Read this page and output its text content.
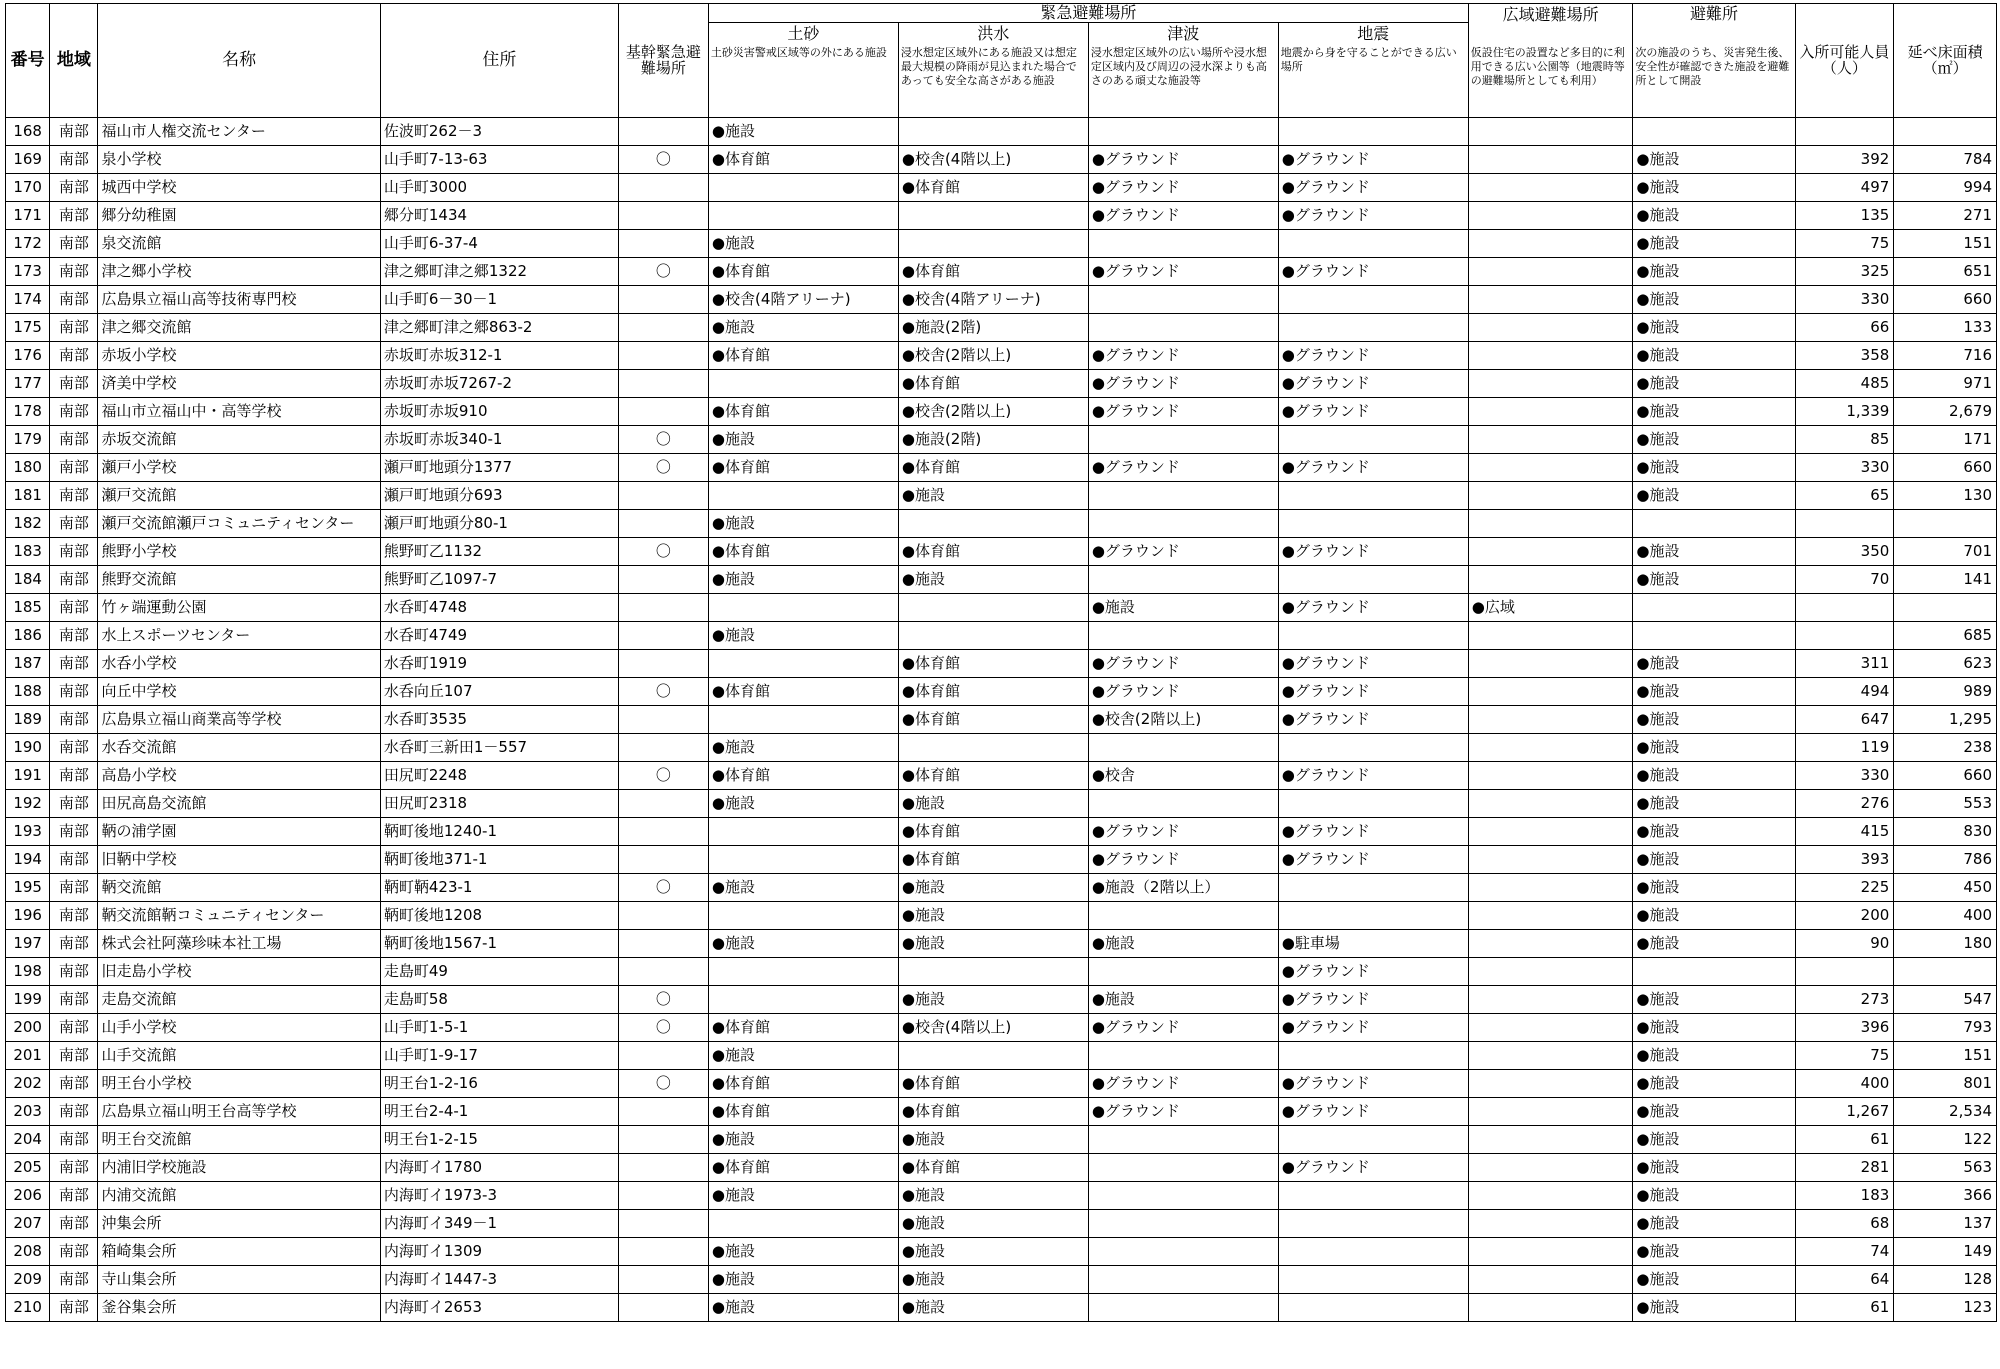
番号	地域	名称	住所	基幹緊急避難場所	緊急避難場所				広域避難場所	避難所	入所可能人員（人）	延べ床面積（㎡）
					土砂	洪水	津波	地震				
					土砂災害警戒区域等の外にある施設	浸水想定区域外にある施設又は想定最大規模の降雨が見込まれた場合であっても安全な高さがある施設	浸水想定区域外の広い場所や浸水想定区域内及び周辺の浸水深よりも高さのある頑丈な施設等	地震から身を守ることができる広い場所	仮設住宅の設置など多目的に利用できる広い公園等（地震時等の避難場所としても利用）	次の施設のうち、災害発生後、安全性が確認できた施設を避難所として開設		
168	南部	福山市人権交流センター	佐波町262－3		●施設							
169	南部	泉小学校	山手町7-13-63	〇	●体育館	●校舎(4階以上)	●グラウンド	●グラウンド		●施設	392	784
170	南部	城西中学校	山手町3000			●体育館	●グラウンド	●グラウンド		●施設	497	994
171	南部	郷分幼稚園	郷分町1434				●グラウンド	●グラウンド		●施設	135	271
172	南部	泉交流館	山手町6-37-4		●施設					●施設	75	151
173	南部	津之郷小学校	津之郷町津之郷1322	〇	●体育館	●体育館	●グラウンド	●グラウンド		●施設	325	651
174	南部	広島県立福山高等技術専門校	山手町6－30－1		●校舎(4階アリーナ)	●校舎(4階アリーナ)				●施設	330	660
175	南部	津之郷交流館	津之郷町津之郷863-2		●施設	●施設(2階)				●施設	66	133
176	南部	赤坂小学校	赤坂町赤坂312-1		●体育館	●校舎(2階以上)	●グラウンド	●グラウンド		●施設	358	716
177	南部	済美中学校	赤坂町赤坂7267-2			●体育館	●グラウンド	●グラウンド		●施設	485	971
178	南部	福山市立福山中・高等学校	赤坂町赤坂910		●体育館	●校舎(2階以上)	●グラウンド	●グラウンド		●施設	1,339	2,679
179	南部	赤坂交流館	赤坂町赤坂340-1	〇	●施設	●施設(2階)				●施設	85	171
180	南部	瀬戸小学校	瀬戸町地頭分1377	〇	●体育館	●体育館	●グラウンド	●グラウンド		●施設	330	660
181	南部	瀬戸交流館	瀬戸町地頭分693			●施設				●施設	65	130
182	南部	瀬戸交流館瀬戸コミュニティセンター	瀬戸町地頭分80-1		●施設							
183	南部	熊野小学校	熊野町乙1132	〇	●体育館	●体育館	●グラウンド	●グラウンド		●施設	350	701
184	南部	熊野交流館	熊野町乙1097-7		●施設	●施設				●施設	70	141
185	南部	竹ヶ端運動公園	水呑町4748				●施設	●グラウンド	●広域			
186	南部	水上スポーツセンター	水呑町4749		●施設							685
187	南部	水呑小学校	水呑町1919			●体育館	●グラウンド	●グラウンド		●施設	311	623
188	南部	向丘中学校	水呑向丘107	〇	●体育館	●体育館	●グラウンド	●グラウンド		●施設	494	989
189	南部	広島県立福山商業高等学校	水呑町3535			●体育館	●校舎(2階以上)	●グラウンド		●施設	647	1,295
190	南部	水呑交流館	水呑町三新田1－557		●施設					●施設	119	238
191	南部	高島小学校	田尻町2248	〇	●体育館	●体育館	●校舎	●グラウンド		●施設	330	660
192	南部	田尻高島交流館	田尻町2318		●施設	●施設				●施設	276	553
193	南部	鞆の浦学園	鞆町後地1240-1			●体育館	●グラウンド	●グラウンド		●施設	415	830
194	南部	旧鞆中学校	鞆町後地371-1			●体育館	●グラウンド	●グラウンド		●施設	393	786
195	南部	鞆交流館	鞆町鞆423-1	〇	●施設	●施設	●施設（2階以上）			●施設	225	450
196	南部	鞆交流館鞆コミュニティセンター	鞆町後地1208			●施設				●施設	200	400
197	南部	株式会社阿藻珍味本社工場	鞆町後地1567-1		●施設	●施設	●施設	●駐車場		●施設	90	180
198	南部	旧走島小学校	走島町49					●グラウンド				
199	南部	走島交流館	走島町58	〇		●施設	●施設	●グラウンド		●施設	273	547
200	南部	山手小学校	山手町1-5-1	〇	●体育館	●校舎(4階以上)	●グラウンド	●グラウンド		●施設	396	793
201	南部	山手交流館	山手町1-9-17		●施設					●施設	75	151
202	南部	明王台小学校	明王台1-2-16	〇	●体育館	●体育館	●グラウンド	●グラウンド		●施設	400	801
203	南部	広島県立福山明王台高等学校	明王台2-4-1		●体育館	●体育館	●グラウンド	●グラウンド		●施設	1,267	2,534
204	南部	明王台交流館	明王台1-2-15		●施設	●施設				●施設	61	122
205	南部	内浦旧学校施設	内海町イ1780		●体育館	●体育館		●グラウンド		●施設	281	563
206	南部	内浦交流館	内海町イ1973-3		●施設	●施設				●施設	183	366
207	南部	沖集会所	内海町イ349－1			●施設				●施設	68	137
208	南部	箱崎集会所	内海町イ1309		●施設	●施設				●施設	74	149
209	南部	寺山集会所	内海町イ1447-3		●施設	●施設				●施設	64	128
210	南部	釜谷集会所	内海町イ2653		●施設	●施設				●施設	61	123
